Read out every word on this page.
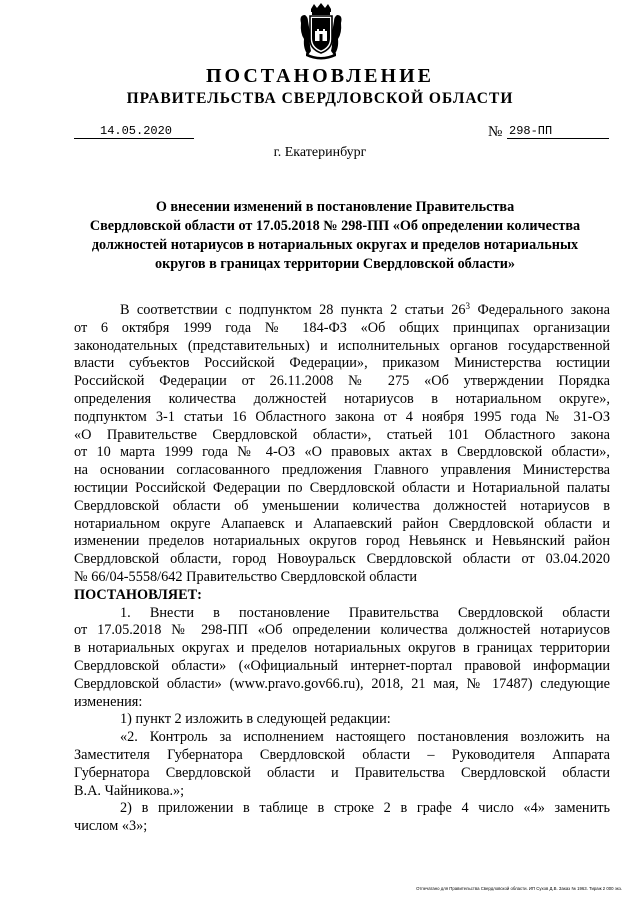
ПОСТАНОВЛЕНИЕ
ПРАВИТЕЛЬСТВА СВЕРДЛОВСКОЙ ОБЛАСТИ
14.05.2020	№ 298-ПП
г. Екатеринбург
О внесении изменений в постановление Правительства
Свердловской области от 17.05.2018 № 298-ПП «Об определении количества
должностей нотариусов в нотариальных округах и пределов нотариальных
округов в границах территории Свердловской области»
В соответствии с подпунктом 28 пункта 2 статьи $26^3$ Федерального закона
от 6 октября 1999 года № 184-ФЗ «Об общих принципах организации
законодательных (представительных) и исполнительных органов государственной
власти субъектов Российской Федерации», приказом Министерства юстиции
Российской Федерации от 26.11.2008 № 275 «Об утверждении Порядка
определения количества должностей нотариусов в нотариальном округе»,
подпунктом 3-1 статьи 16 Областного закона от 4 ноября 1995 года № 31-ОЗ
«О Правительстве Свердловской области», статьей 101 Областного закона
от 10 марта 1999 года № 4-ОЗ «О правовых актах в Свердловской области»,
на основании согласованного предложения Главного управления Министерства
юстиции Российской Федерации по Свердловской области и Нотариальной палаты
Свердловской области об уменьшении количества должностей нотариусов в
нотариальном округе Алапаевск и Алапаевский район Свердловской области и
изменении пределов нотариальных округов город Невьянск и Невьянский район
Свердловской области, город Новоуральск Свердловской области от 03.04.2020
№ 66/04-5558/642 Правительство Свердловской области
ПОСТАНОВЛЯЕТ:
1. Внести в постановление Правительства Свердловской области
от 17.05.2018 № 298-ПП «Об определении количества должностей нотариусов
в нотариальных округах и пределов нотариальных округов в границах территории
Свердловской области» («Официальный интернет-портал правовой информации
Свердловской области» (www.pravo.gov66.ru), 2018, 21 мая, № 17487) следующие
изменения:
1) пункт 2 изложить в следующей редакции:
«2. Контроль за исполнением настоящего постановления возложить на
Заместителя Губернатора Свердловской области – Руководителя Аппарата
Губернатора Свердловской области и Правительства Свердловской области
В.А. Чайникова.»;
2) в приложении в таблице в строке 2 в графе 4 число «4» заменить
числом «3»;
Отпечатано для Правительства Свердловской области. ИП Сухов Д.В. Заказ № 1963. Тираж 2 000 экз.
